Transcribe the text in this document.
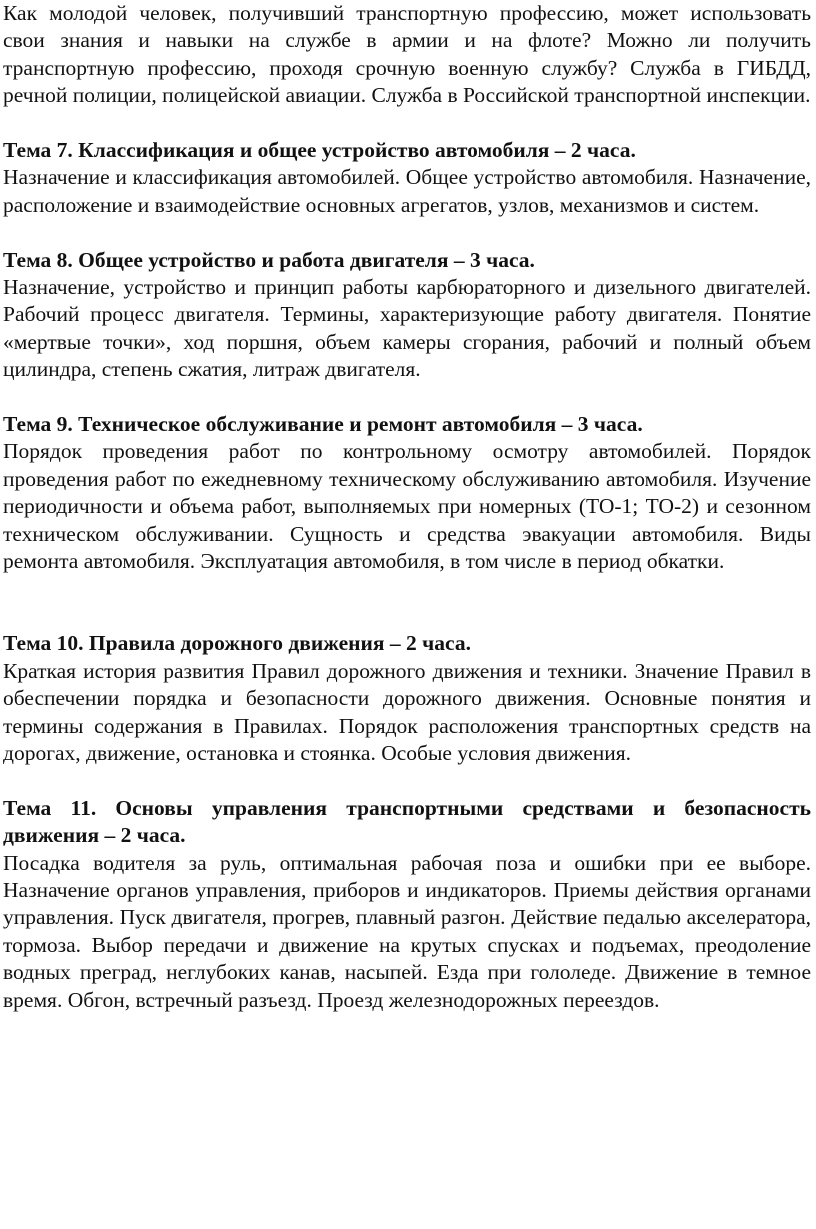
Как молодой человек, получивший транспортную профессию, может использовать свои знания и навыки на службе в армии и на флоте? Можно ли получить транспортную профессию, проходя срочную военную службу? Служба в ГИБДД, речной полиции, полицейской авиации. Служба в Российской транспортной инспекции.

Тема 7. Классификация и общее устройство автомобиля – 2 часа.

Назначение и классификация автомобилей. Общее устройство автомобиля. Назначение, расположение и взаимодействие основных агрегатов, узлов, механизмов и систем.

Тема 8. Общее устройство и работа двигателя – 3 часа.

Назначение, устройство и принцип работы карбюраторного и дизельного двигателей. Рабочий процесс двигателя. Термины, характеризующие работу двигателя. Понятие «мертвые точки», ход поршня, объем камеры сгорания, рабочий и полный объем цилиндра, степень сжатия, литраж двигателя.

Тема 9. Техническое обслуживание и ремонт автомобиля – 3 часа.

Порядок проведения работ по контрольному осмотру автомобилей. Порядок проведения работ по ежедневному техническому обслуживанию автомобиля. Изучение периодичности и объема работ, выполняемых при номерных (ТО-1; ТО-2) и сезонном техническом обслуживании. Сущность и средства эвакуации автомобиля. Виды ремонта автомобиля. Эксплуатация автомобиля, в том числе в период обкатки.

Тема 10. Правила дорожного движения – 2 часа.

Краткая история развития Правил дорожного движения и техники. Значение Правил в обеспечении порядка и безопасности дорожного движения. Основные понятия и термины содержания в Правилах. Порядок расположения транспортных средств на дорогах, движение, остановка и стоянка. Особые условия движения.

Тема 11. Основы управления транспортными средствами и безопасность движения – 2 часа.

Посадка водителя за руль, оптимальная рабочая поза и ошибки при ее выборе. Назначение органов управления, приборов и индикаторов. Приемы действия органами управления. Пуск двигателя, прогрев, плавный разгон. Действие педалью акселератора, тормоза. Выбор передачи и движение на крутых спусках и подъемах, преодоление водных преград, неглубоких канав, насыпей. Езда при гололеде. Движение в темное время. Обгон, встречный разъезд. Проезд железнодорожных переездов.
